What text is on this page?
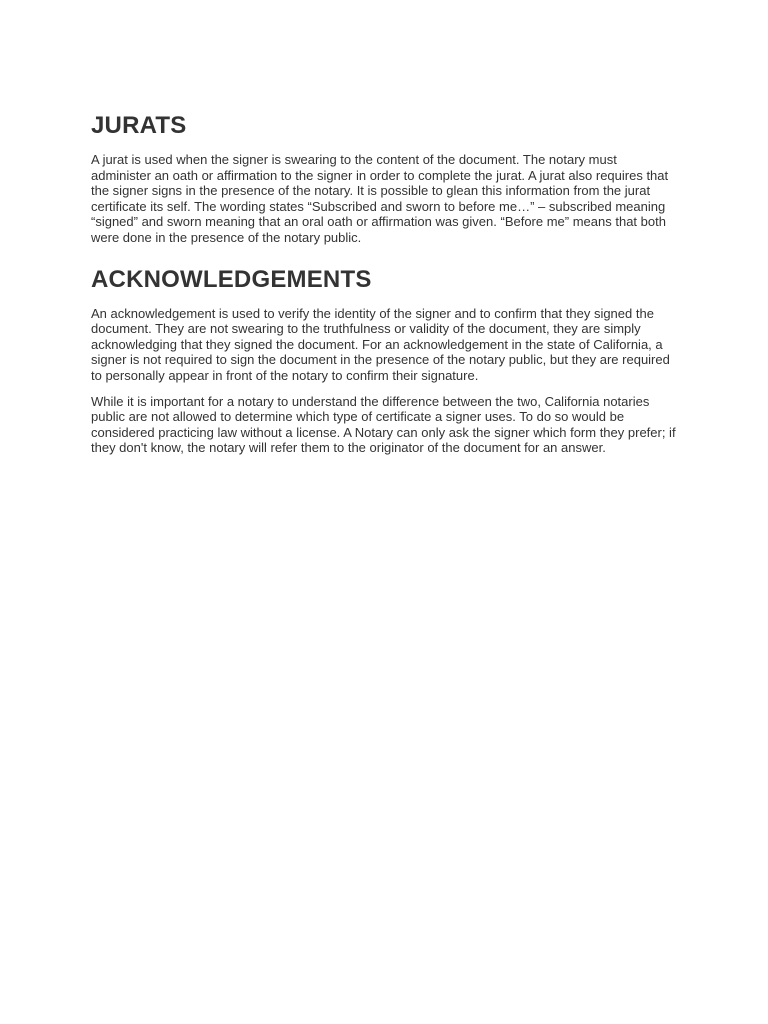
JURATS

A jurat is used when the signer is swearing to the content of the document. The notary must administer an oath or affirmation to the signer in order to complete the jurat. A jurat also requires that the signer signs in the presence of the notary. It is possible to glean this information from the jurat certificate its self. The wording states “Subscribed and sworn to before me…” – subscribed meaning “signed” and sworn meaning that an oral oath or affirmation was given. “Before me” means that both were done in the presence of the notary public.

ACKNOWLEDGEMENTS

An acknowledgement is used to verify the identity of the signer and to confirm that they signed the document. They are not swearing to the truthfulness or validity of the document, they are simply acknowledging that they signed the document. For an acknowledgement in the state of California, a signer is not required to sign the document in the presence of the notary public, but they are required to personally appear in front of the notary to confirm their signature.

While it is important for a notary to understand the difference between the two, California notaries public are not allowed to determine which type of certificate a signer uses. To do so would be considered practicing law without a license. A Notary can only ask the signer which form they prefer; if they don't know, the notary will refer them to the originator of the document for an answer.
